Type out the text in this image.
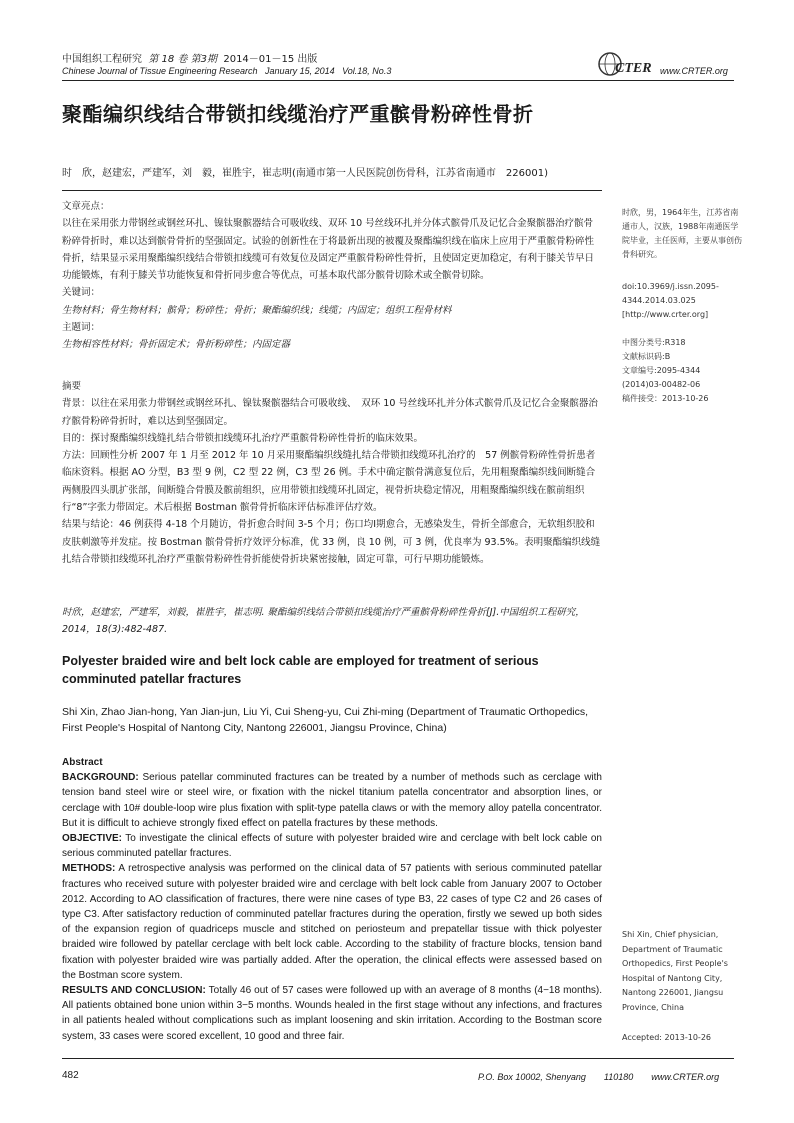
中国组织工程研究 第 18 卷 第3期 2014－01－15 出版
Chinese Journal of Tissue Engineering Research January 15, 2014 Vol.18, No.3	CTER www.CRTER.org
聚酯编织线结合带锁扣线缆治疗严重髌骨粉碎性骨折
时　欣，赵建宏，严建军，刘　毅，崔胜宇，崔志明(南通市第一人民医院创伤骨科，江苏省南通市　226001)

文章亮点：

以往在采用张力带钢丝或钢丝环扎、镍钛聚髌器结合可吸收线、双环 10 号丝线环扎并分体式髌骨爪及记忆合金聚髌器治疗髌骨粉碎骨折时，难以达到髌骨骨折的坚强固定。试验的创新性在于将最新出现的被覆及聚酯编织线在临床上应用于严重髌骨粉碎性骨折，结果显示采用聚酯编织线结合带锁扣线缆可有效复位及固定严重髌骨粉碎性骨折，且使固定更加稳定，有利于膝关节早日功能锻炼，有利于膝关节功能恢复和骨折同步愈合等优点，可基本取代部分髌骨切除术或全髌骨切除。

关键词：

生物材料；骨生物材料；髌骨；粉碎性；骨折；聚酯编织线；线缆；内固定；组织工程骨材料

主题词：

生物相容性材料；骨折固定术；骨折粉碎性；内固定器

摘要

背景：以往在采用张力带钢丝或钢丝环扎、镍钛聚髌器结合可吸收线、　双环 10 号丝线环扎并分体式髌骨爪及记忆合金聚髌器治疗髌骨粉碎骨折时，难以达到坚强固定。

目的：探讨聚酯编织线缝扎结合带锁扣线缆环扎治疗严重髌骨粉碎性骨折的临床效果。

方法：回顾性分析 2007 年 1 月至 2012 年 10 月采用聚酯编织线缝扎结合带锁扣线缆环扎治疗的　57 例髌骨粉碎性骨折患者临床资料。根据 AO 分型，B3 型 9 例，C2 型 22 例，C3 型 26 例。手术中确定髌骨满意复位后，先用粗聚酯编织线间断缝合两侧股四头肌扩张部，间断缝合骨膜及髌前组织，应用带锁扣线缆环扎固定，视骨折块稳定情况，用粗聚酯编织线在髌前组织行“8”字张力带固定。术后根据 Bostman 髌骨骨折临床评估标准评估疗效。

结果与结论：46 例获得 4-18 个月随访，骨折愈合时间 3-5 个月；伤口均Ⅰ期愈合，无感染发生，骨折全部愈合，无软组织胶和皮肤刺激等并发症。按 Bostman 髌骨骨折疗效评分标准，优 33 例，良 10 例，可 3 例，优良率为 93.5%。表明聚酯编织线缝扎结合带锁扣线缆环扎治疗严重髌骨粉碎性骨折能使骨折块紧密接触，固定可靠，可行早期功能锻炼。

时欣，赵建宏，严建军，刘毅，崔胜宇，崔志明. 聚酯编织线结合带锁扣线缆治疗严重髌骨粉碎性骨折[J].中国组织工程研究，2014，18(3):482-487.

时欣，男，1964年生，江苏省南通市人，汉族，1988年南通医学院毕业，主任医师，主要从事创伤骨科研究。

doi:10.3969/j.issn.2095-4344.2014.03.025

[http://www.crter.org]

中图分类号:R318

文献标识码:B

文章编号:2095-4344

(2014)03-00482-06

稿件接受：2013-10-26

Shi Xin, Chief physician, Department of Traumatic Orthopedics, First People's Hospital of Nantong City, Nantong 226001, Jiangsu Province, China

Accepted: 2013-10-26

Polyester braided wire and belt lock cable are employed for treatment of serious comminuted patellar fractures
Shi Xin, Zhao Jian-hong, Yan Jian-jun, Liu Yi, Cui Sheng-yu, Cui Zhi-ming (Department of Traumatic Orthopedics, First People's Hospital of Nantong City, Nantong 226001, Jiangsu Province, China)

Abstract

BACKGROUND: Serious patellar comminuted fractures can be treated by a number of methods such as cerclage with tension band steel wire or steel wire, or fixation with the nickel titanium patella concentrator and absorption lines, or cerclage with 10# double-loop wire plus fixation with split-type patella claws or with the memory alloy patella concentrator. But it is difficult to achieve strongly fixed effect on patella fractures by these methods.

OBJECTIVE: To investigate the clinical effects of suture with polyester braided wire and cerclage with belt lock cable on serious comminuted patellar fractures.

METHODS: A retrospective analysis was performed on the clinical data of 57 patients with serious comminuted patellar fractures who received suture with polyester braided wire and cerclage with belt lock cable from January 2007 to October 2012. According to AO classification of fractures, there were nine cases of type B3, 22 cases of type C2 and 26 cases of type C3. After satisfactory reduction of comminuted patellar fractures during the operation, firstly we sewed up both sides of the expansion region of quadriceps muscle and stitched on periosteum and prepatellar tissue with thick polyester braided wire followed by patellar cerclage with belt lock cable. According to the stability of fracture blocks, tension band fixation with polyester braided wire was partially added. After the operation, the clinical effects were assessed based on the Bostman score system.

RESULTS AND CONCLUSION: Totally 46 out of 57 cases were followed up with an average of 8 months (4−18 months). All patients obtained bone union within 3−5 months. Wounds healed in the first stage without any infections, and fractures in all patients healed without complications such as implant loosening and skin irritation. According to the Bostman score system, 33 cases were scored excellent, 10 good and three fair.

482	P.O. Box 10002, Shenyang　　110180　　www.CRTER.org
